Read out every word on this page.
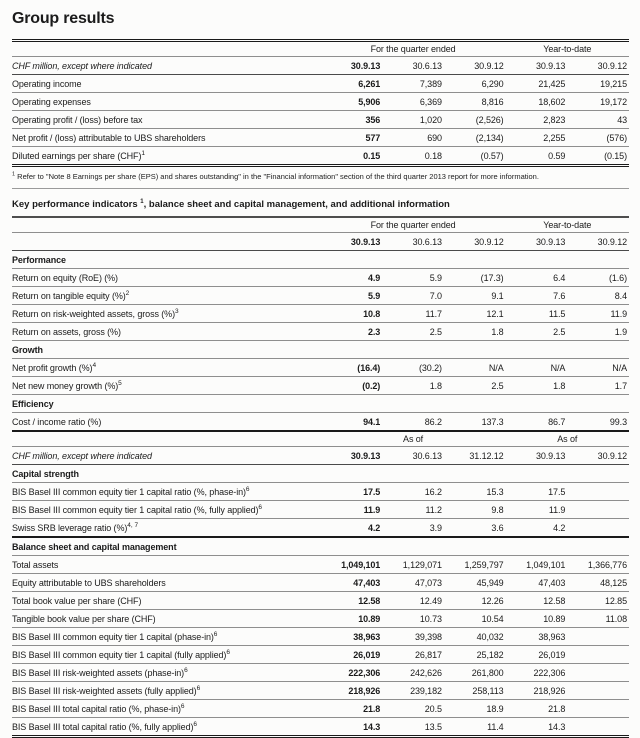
Group results
	For the quarter ended			Year-to-date	
CHF million, except where indicated	30.9.13	30.6.13	30.9.12	30.9.13	30.9.12
Operating income	6,261	7,389	6,290	21,425	19,215
Operating expenses	5,906	6,369	8,816	18,602	19,172
Operating profit / (loss) before tax	356	1,020	(2,526)	2,823	43
Net profit / (loss) attributable to UBS shareholders	577	690	(2,134)	2,255	(576)
Diluted earnings per share (CHF)$^1$	0.15	0.18	(0.57)	0.59	(0.15)

$^1$ Refer to "Note 8 Earnings per share (EPS) and shares outstanding" in the "Financial information" section of the third quarter 2013 report for more information.

Key performance indicators $^1$, balance sheet and capital management, and additional information
	For the quarter ended			Year-to-date	
	30.9.13	30.6.13	30.9.12	30.9.13	30.9.12
Performance					
Return on equity (RoE) (%)	4.9	5.9	(17.3)	6.4	(1.6)
Return on tangible equity (%)$^2$	5.9	7.0	9.1	7.6	8.4
Return on risk-weighted assets, gross (%)$^3$	10.8	11.7	12.1	11.5	11.9
Return on assets, gross (%)	2.3	2.5	1.8	2.5	1.9
Growth					
Net profit growth (%)$^4$	(16.4)	(30.2)	N/A	N/A	N/A
Net new money growth (%)$^5$	(0.2)	1.8	2.5	1.8	1.7
Efficiency					
Cost / income ratio (%)	94.1	86.2	137.3	86.7	99.3
	As of			As of	
CHF million, except where indicated	30.9.13	30.6.13	31.12.12	30.9.13	30.9.12
Capital strength					
BIS Basel III common equity tier 1 capital ratio (%, phase-in)$^6$	17.5	16.2	15.3	17.5	
BIS Basel III common equity tier 1 capital ratio (%, fully applied)$^6$	11.9	11.2	9.8	11.9	
Swiss SRB leverage ratio (%)$^{4, 7}$	4.2	3.9	3.6	4.2	
Balance sheet and capital management					
Total assets	1,049,101	1,129,071	1,259,797	1,049,101	1,366,776
Equity attributable to UBS shareholders	47,403	47,073	45,949	47,403	48,125
Total book value per share (CHF)	12.58	12.49	12.26	12.58	12.85
Tangible book value per share (CHF)	10.89	10.73	10.54	10.89	11.08
BIS Basel III common equity tier 1 capital (phase-in)$^6$	38,963	39,398	40,032	38,963	
BIS Basel III common equity tier 1 capital (fully applied)$^6$	26,019	26,817	25,182	26,019	
BIS Basel III risk-weighted assets (phase-in)$^6$	222,306	242,626	261,800	222,306	
BIS Basel III risk-weighted assets (fully applied)$^6$	218,926	239,182	258,113	218,926	
BIS Basel III total capital ratio (%, phase-in)$^6$	21.8	20.5	18.9	21.8	
BIS Basel III total capital ratio (%, fully applied)$^6$	14.3	13.5	11.4	14.3	
